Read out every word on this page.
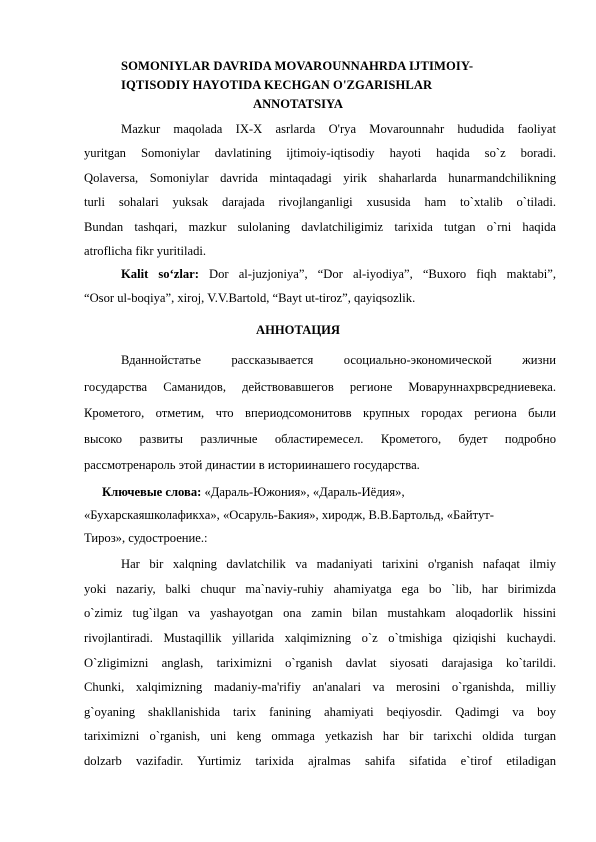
SOMONIYLAR DAVRIDA MOVAROUNNAHRDA IJTIMOIY-
IQTISODIY HAYOTIDA KECHGAN O'ZGARISHLAR
ANNOTATSIYA
Mazkur maqolada IX-X asrlarda O'rya Movarounnahr hududida faoliyat
yuritgan Somoniylar davlatining ijtimoiy-iqtisodiy hayoti haqida so`z boradi.
Qolaversa, Somoniylar davrida mintaqadagi yirik shaharlarda hunarmandchilikning
turli sohalari yuksak darajada rivojlanganligi xususida ham to`xtalib o`tiladi.
Bundan tashqari, mazkur sulolaning davlatchiligimiz tarixida tutgan o`rni haqida
atroflicha fikr yuritiladi.
Kalit so‘zlar: Dor al-juzjoniya”, “Dor al-iyodiya”, “Buxoro fiqh maktabi”,
“Osor ul-boqiya”, xiroj, V.V.Bartold, “Bayt ut-tiroz”, qayiqsozlik.
АННОТАЦИЯ
Вданнойстатье рассказывается осоциально-экономической жизни
государства Саманидов, действовавшегов регионе Мовaруннахрвсредниевека.
Крометого, отметим, что впериодсомонитовв крупных городах региона были
высоко развиты различные областиремесел. Крометого, будет подробно
рассмотренароль этой династии в историинашего государства.
Ключевые слова: «Дараль-Южония», «Дараль-Иёдия»,
«Бухарскаяшколафикха», «Осаруль-Бакия», хиродж, В.В.Бартольд, «Байтут-
Тироз», судостроение.:
Har bir xalqning davlatchilik va madaniyati tarixini o'rganish nafaqat ilmiy
yoki nazariy, balki chuqur ma`naviy-ruhiy ahamiyatga ega bo `lib, har birimizda
o`zimiz tug`ilgan va yashayotgan ona zamin bilan mustahkam aloqadorlik hissini
rivojlantiradi. Mustaqillik yillarida xalqimizning o`z o`tmishiga qiziqishi kuchaydi.
O`zligimizni anglash, tariximizni o`rganish davlat siyosati darajasiga ko`tarildi.
Chunki, xalqimizning madaniy-ma'rifiy an'analari va merosini o`rganishda, milliy
g`oyaning shakllanishida tarix fanining ahamiyati beqiyosdir. Qadimgi va boy
tariximizni o`rganish, uni keng ommaga yetkazish har bir tarixchi oldida turgan
dolzarb vazifadir. Yurtimiz tarixida ajralmas sahifa sifatida e`tirof etiladigan
